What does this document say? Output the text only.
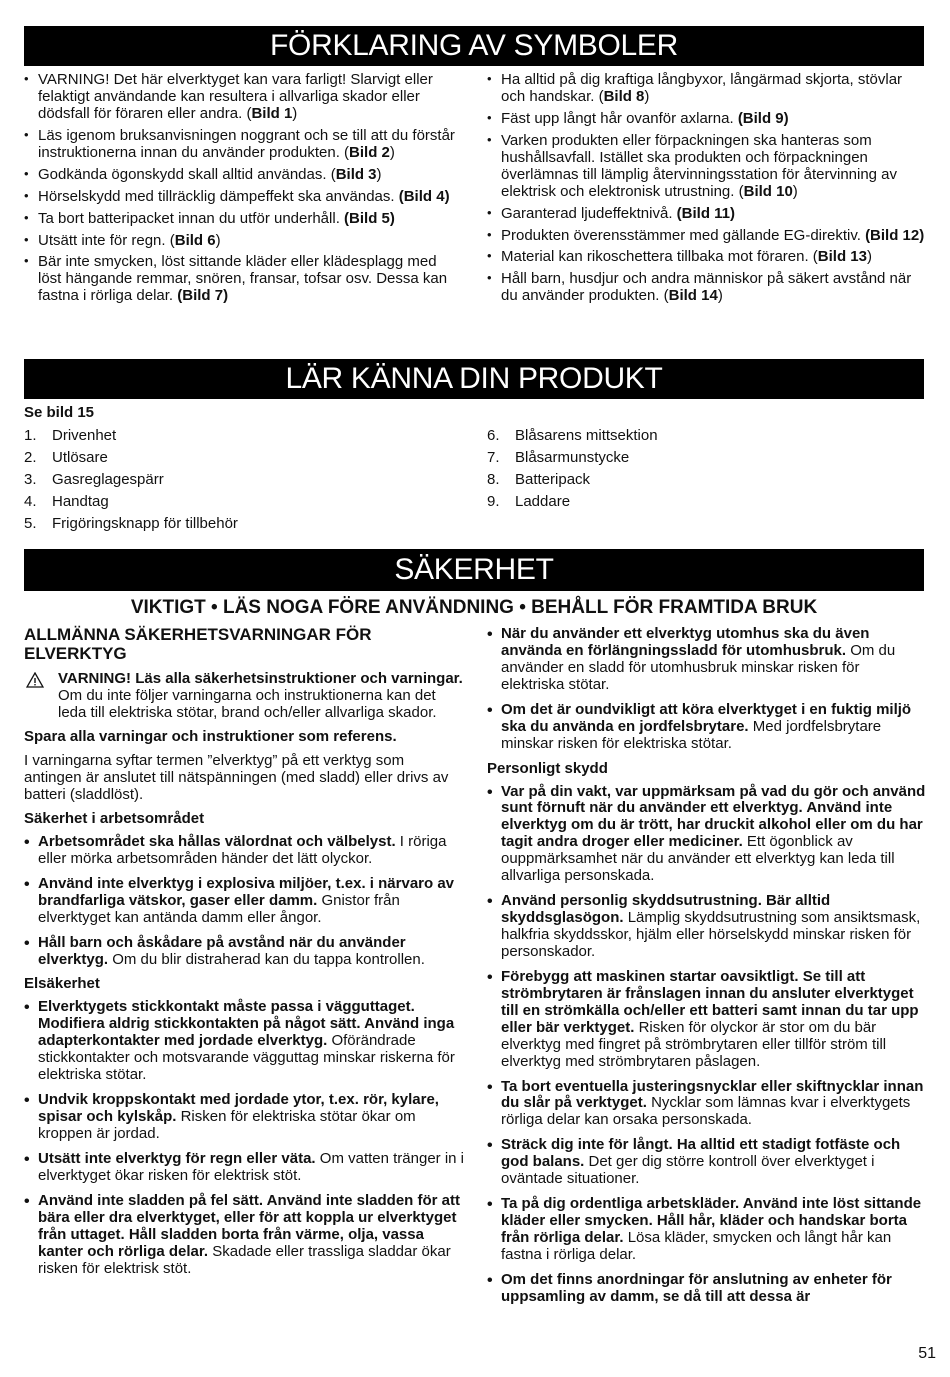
FÖRKLARING AV SYMBOLER
• VARNING! Det här elverktyget kan vara farligt! Slarvigt eller felaktigt användande kan resultera i allvarliga skador eller dödsfall för föraren eller andra. (Bild 1)
• Läs igenom bruksanvisningen noggrant och se till att du förstår instruktionerna innan du använder produkten. (Bild 2)
• Godkända ögonskydd skall alltid användas. (Bild 3)
• Hörselskydd med tillräcklig dämpeffekt ska användas. (Bild 4)
• Ta bort batteripacket innan du utför underhåll. (Bild 5)
• Utsätt inte för regn. (Bild 6)
• Bär inte smycken, löst sittande kläder eller klädesplagg med löst hängande remmar, snören, fransar, tofsar osv. Dessa kan fastna i rörliga delar. (Bild 7)
• Ha alltid på dig kraftiga långbyxor, långärmad skjorta, stövlar och handskar. (Bild 8)
• Fäst upp långt hår ovanför axlarna. (Bild 9)
• Varken produkten eller förpackningen ska hanteras som hushållsavfall. Istället ska produkten och förpackningen överlämnas till lämplig återvinningsstation för återvinning av elektrisk och elektronisk utrustning. (Bild 10)
• Garanterad ljudeffektnivå. (Bild 11)
• Produkten överensstämmer med gällande EG-direktiv. (Bild 12)
• Material kan rikoschettera tillbaka mot föraren. (Bild 13)
• Håll barn, husdjur och andra människor på säkert avstånd när du använder produkten. (Bild 14)
LÄR KÄNNA DIN PRODUKT
Se bild 15
1.	Drivenhet
2.	Utlösare
3.	Gasreglagespärr
4.	Handtag
5.	Frigöringsknapp för tillbehör
6.	Blåsarens mittsektion
7.	Blåsarmunstycke
8.	Batteripack
9.	Laddare
SÄKERHET
VIKTIGT • LÄS NOGA FÖRE ANVÄNDNING • BEHÅLL FÖR FRAMTIDA BRUK
ALLMÄNNA SÄKERHETSVARNINGAR FÖR ELVERKTYG
VARNING! Läs alla säkerhetsinstruktioner och varningar. Om du inte följer varningarna och instruktionerna kan det leda till elektriska stötar, brand och/eller allvarliga skador.
Spara alla varningar och instruktioner som referens.
I varningarna syftar termen ”elverktyg” på ett verktyg som antingen är anslutet till nätspänningen (med sladd) eller drivs av batteri (sladdlöst).
Säkerhet i arbetsområdet
• Arbetsområdet ska hållas välordnat och välbelyst. I röriga eller mörka arbetsområden händer det lätt olyckor.
• Använd inte elverktyg i explosiva miljöer, t.ex. i närvaro av brandfarliga vätskor, gaser eller damm. Gnistor från elverktyget kan antända damm eller ångor.
• Håll barn och åskådare på avstånd när du använder elverktyg. Om du blir distraherad kan du tappa kontrollen.
Elsäkerhet
• Elverktygets stickkontakt måste passa i vägguttaget. Modifiera aldrig stickkontakten på något sätt. Använd inga adapterkontakter med jordade elverktyg. Oförändrade stickkontakter och motsvarande vägguttag minskar riskerna för elektriska stötar.
• Undvik kroppskontakt med jordade ytor, t.ex. rör, kylare, spisar och kylskåp. Risken för elektriska stötar ökar om kroppen är jordad.
• Utsätt inte elverktyg för regn eller väta. Om vatten tränger in i elverktyget ökar risken för elektrisk stöt.
• Använd inte sladden på fel sätt. Använd inte sladden för att bära eller dra elverktyget, eller för att koppla ur elverktyget från uttaget. Håll sladden borta från värme, olja, vassa kanter och rörliga delar. Skadade eller trassliga sladdar ökar risken för elektrisk stöt.
• När du använder ett elverktyg utomhus ska du även använda en förlängningssladd för utomhusbruk. Om du använder en sladd för utomhusbruk minskar risken för elektriska stötar.
• Om det är oundvikligt att köra elverktyget i en fuktig miljö ska du använda en jordfelsbrytare. Med jordfelsbrytare minskar risken för elektriska stötar.
Personligt skydd
• Var på din vakt, var uppmärksam på vad du gör och använd sunt förnuft när du använder ett elverktyg. Använd inte elverktyg om du är trött, har druckit alkohol eller om du har tagit andra droger eller mediciner. Ett ögonblick av ouppmärksamhet när du använder ett elverktyg kan leda till allvarliga personskada.
• Använd personlig skyddsutrustning. Bär alltid skyddsglasögon. Lämplig skyddsutrustning som ansiktsmask, halkfria skyddsskor, hjälm eller hörselskydd minskar risken för personskador.
• Förebygg att maskinen startar oavsiktligt. Se till att strömbrytaren är frånslagen innan du ansluter elverktyget till en strömkälla och/eller ett batteri samt innan du tar upp eller bär verktyget. Risken för olyckor är stor om du bär elverktyg med fingret på strömbrytaren eller tillför ström till elverktyg med strömbrytaren påslagen.
• Ta bort eventuella justeringsnycklar eller skiftnycklar innan du slår på verktyget. Nycklar som lämnas kvar i elverktygets rörliga delar kan orsaka personskada.
• Sträck dig inte för långt. Ha alltid ett stadigt fotfäste och god balans. Det ger dig större kontroll över elverktyget i oväntade situationer.
• Ta på dig ordentliga arbetskläder. Använd inte löst sittande kläder eller smycken. Håll hår, kläder och handskar borta från rörliga delar. Lösa kläder, smycken och långt hår kan fastna i rörliga delar.
• Om det finns anordningar för anslutning av enheter för uppsamling av damm, se då till att dessa är
51
